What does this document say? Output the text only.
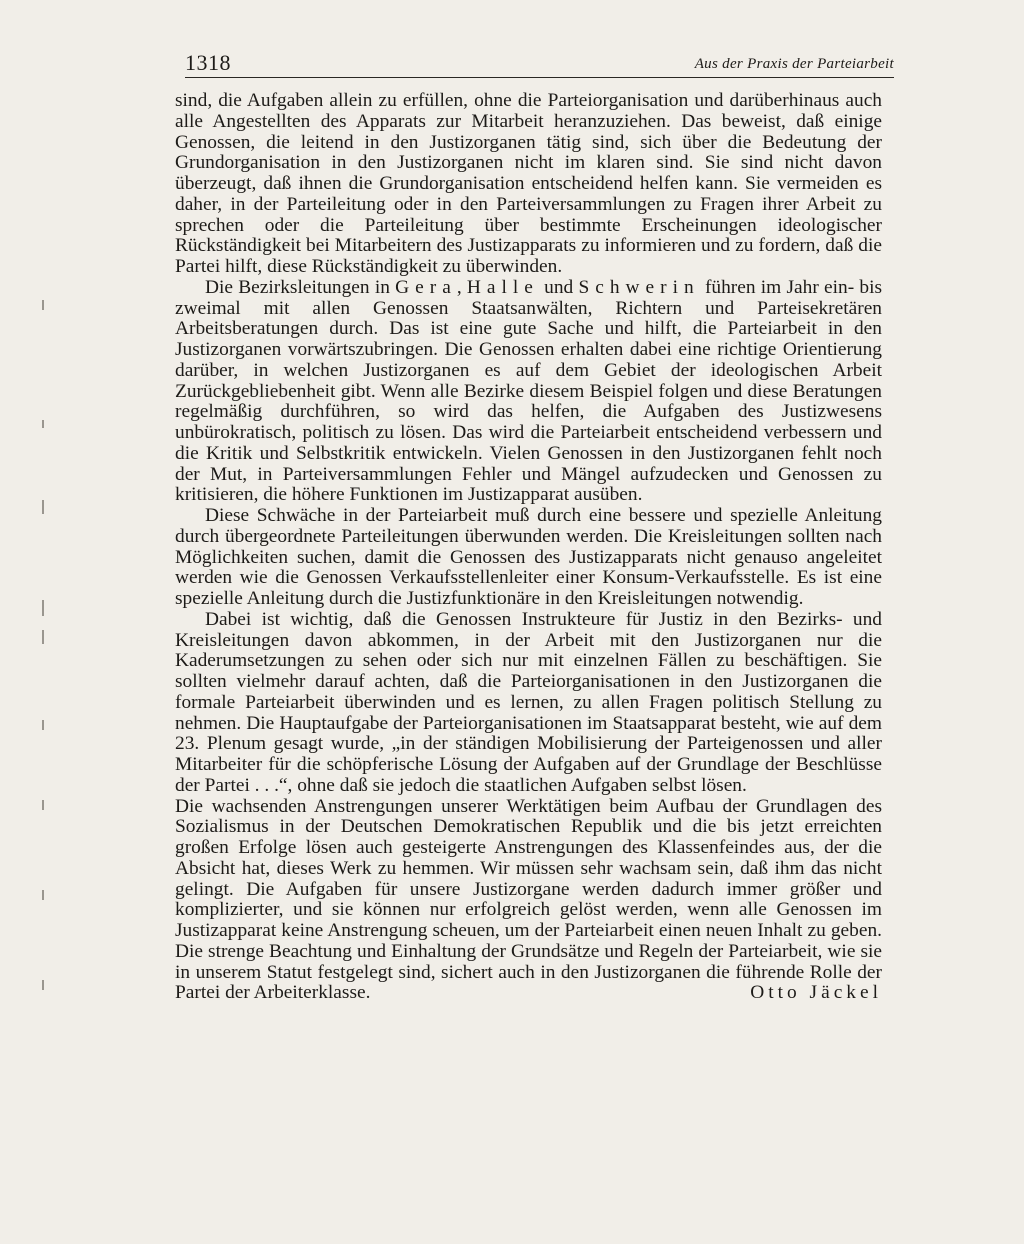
1318	Aus der Praxis der Parteiarbeit

sind, die Aufgaben allein zu erfüllen, ohne die Parteiorganisation und darüberhinaus auch alle Angestellten des Apparats zur Mitarbeit heranzuziehen. Das beweist, daß einige Genossen, die leitend in den Justizorganen tätig sind, sich über die Bedeutung der Grundorganisation in den Justizorganen nicht im klaren sind. Sie sind nicht davon überzeugt, daß ihnen die Grundorganisation entscheidend helfen kann. Sie vermeiden es daher, in der Parteileitung oder in den Parteiversammlungen zu Fragen ihrer Arbeit zu sprechen oder die Parteileitung über bestimmte Erscheinungen ideologischer Rückständigkeit bei Mitarbeitern des Justizapparats zu informieren und zu fordern, daß die Partei hilft, diese Rückständigkeit zu überwinden.

Die Bezirksleitungen in Gera, Halle und Schwerin führen im Jahr ein- bis zweimal mit allen Genossen Staatsanwälten, Richtern und Parteisekretären Arbeitsberatungen durch. Das ist eine gute Sache und hilft, die Parteiarbeit in den Justizorganen vorwärtszubringen. Die Genossen erhalten dabei eine richtige Orientierung darüber, in welchen Justizorganen es auf dem Gebiet der ideologischen Arbeit Zurückgebliebenheit gibt. Wenn alle Bezirke diesem Beispiel folgen und diese Beratungen regelmäßig durchführen, so wird das helfen, die Aufgaben des Justizwesens unbürokratisch, politisch zu lösen. Das wird die Parteiarbeit entscheidend verbessern und die Kritik und Selbstkritik entwickeln. Vielen Genossen in den Justizorganen fehlt noch der Mut, in Parteiversammlungen Fehler und Mängel aufzudecken und Genossen zu kritisieren, die höhere Funktionen im Justizapparat ausüben.

Diese Schwäche in der Parteiarbeit muß durch eine bessere und spezielle Anleitung durch übergeordnete Parteileitungen überwunden werden. Die Kreisleitungen sollten nach Möglichkeiten suchen, damit die Genossen des Justizapparats nicht genauso angeleitet werden wie die Genossen Verkaufsstellenleiter einer Konsum-Verkaufsstelle. Es ist eine spezielle Anleitung durch die Justizfunktionäre in den Kreisleitungen notwendig.

Dabei ist wichtig, daß die Genossen Instrukteure für Justiz in den Bezirks- und Kreisleitungen davon abkommen, in der Arbeit mit den Justizorganen nur die Kaderumsetzungen zu sehen oder sich nur mit einzelnen Fällen zu beschäftigen. Sie sollten vielmehr darauf achten, daß die Parteiorganisationen in den Justizorganen die formale Parteiarbeit überwinden und es lernen, zu allen Fragen politisch Stellung zu nehmen. Die Hauptaufgabe der Parteiorganisationen im Staatsapparat besteht, wie auf dem 23. Plenum gesagt wurde, „in der ständigen Mobilisierung der Parteigenossen und aller Mitarbeiter für die schöpferische Lösung der Aufgaben auf der Grundlage der Beschlüsse der Partei . . .“, ohne daß sie jedoch die staatlichen Aufgaben selbst lösen.

Die wachsenden Anstrengungen unserer Werktätigen beim Aufbau der Grundlagen des Sozialismus in der Deutschen Demokratischen Republik und die bis jetzt erreichten großen Erfolge lösen auch gesteigerte Anstrengungen des Klassenfeindes aus, der die Absicht hat, dieses Werk zu hemmen. Wir müssen sehr wachsam sein, daß ihm das nicht gelingt. Die Aufgaben für unsere Justizorgane werden dadurch immer größer und komplizierter, und sie können nur erfolgreich gelöst werden, wenn alle Genossen im Justizapparat keine Anstrengung scheuen, um der Parteiarbeit einen neuen Inhalt zu geben. Die strenge Beachtung und Einhaltung der Grundsätze und Regeln der Parteiarbeit, wie sie in unserem Statut festgelegt sind, sichert auch in den Justizorganen die führende Rolle der Partei der Arbeiterklasse.	Otto Jäckel
